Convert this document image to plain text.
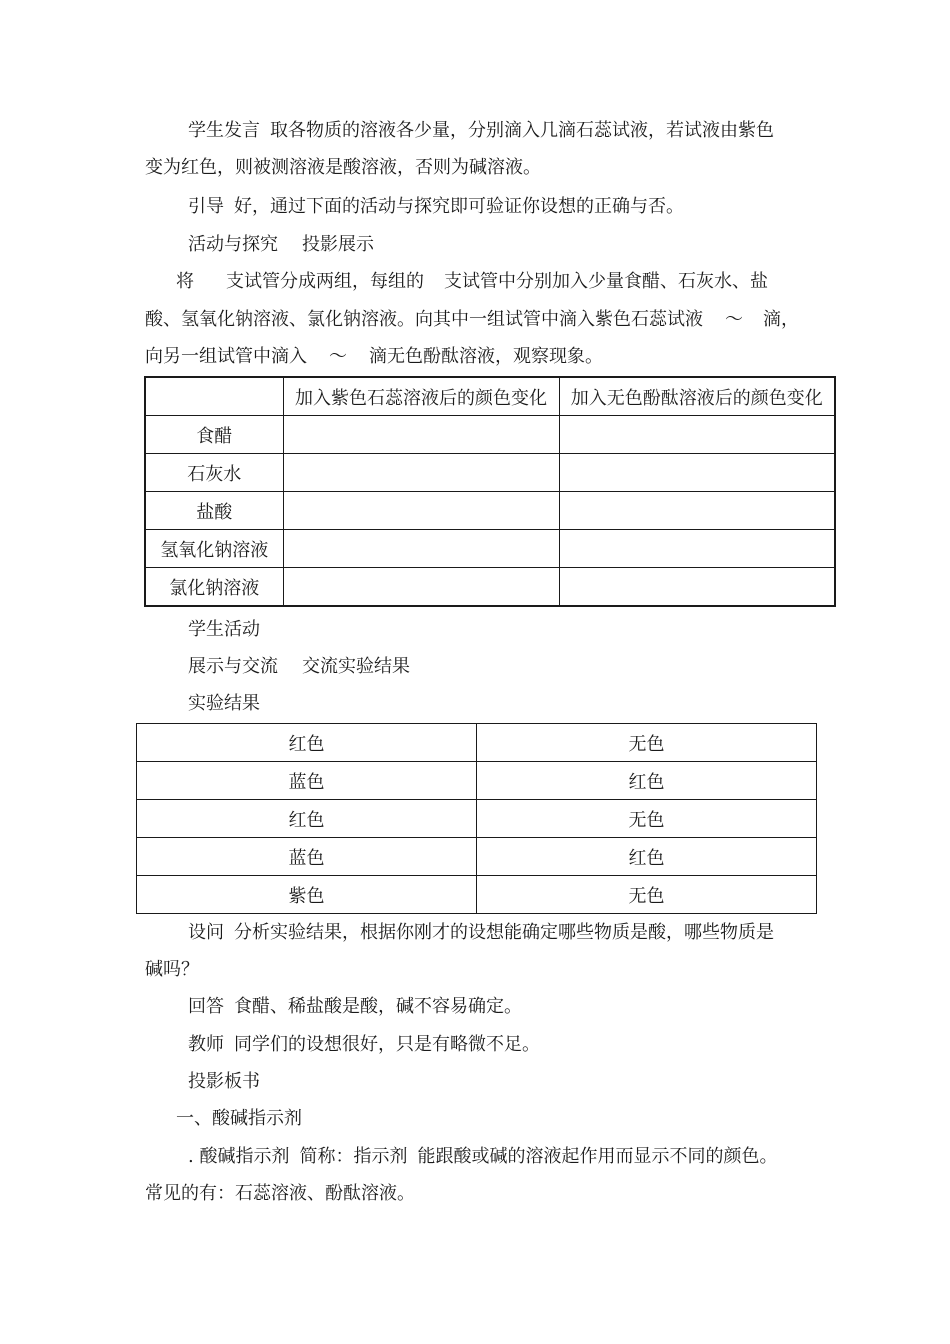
学生发言 取各物质的溶液各少量，分别滴入几滴石蕊试液，若试液由紫色
变为红色，则被测溶液是酸溶液，否则为碱溶液。
引导 好，通过下面的活动与探究即可验证你设想的正确与否。
活动与探究 投影展示
将 支试管分成两组，每组的 支试管中分别加入少量食醋、石灰水、盐
酸、氢氧化钠溶液、氯化钠溶液。向其中一组试管中滴入紫色石蕊试液 ～ 滴，
向另一组试管中滴入 ～ 滴无色酚酞溶液，观察现象。
	加入紫色石蕊溶液后的颜色变化	加入无色酚酞溶液后的颜色变化
食醋		
石灰水		
盐酸		
氢氧化钠溶液		
氯化钠溶液		
学生活动
展示与交流 交流实验结果
实验结果
红色	无色
蓝色	红色
红色	无色
蓝色	红色
紫色	无色
设问 分析实验结果，根据你刚才的设想能确定哪些物质是酸，哪些物质是
碱吗？
回答 食醋、稀盐酸是酸，碱不容易确定。
教师 同学们的设想很好，只是有略微不足。
投影板书
一、酸碱指示剂
. 酸碱指示剂 简称：指示剂 能跟酸或碱的溶液起作用而显示不同的颜色。
常见的有：石蕊溶液、酚酞溶液。
